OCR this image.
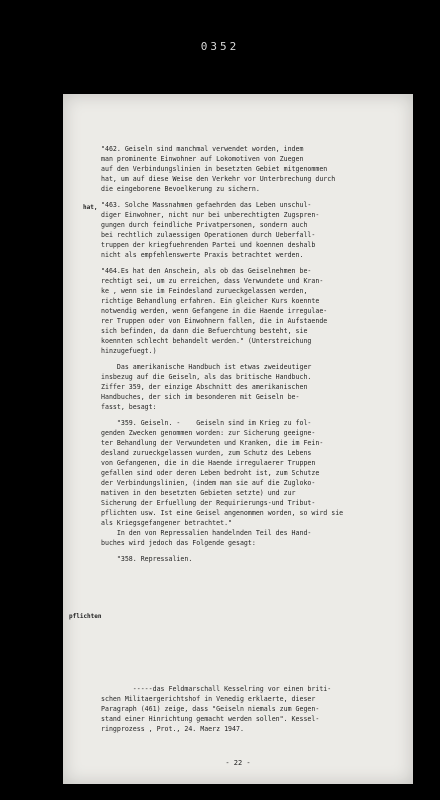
0352
"462. Geiseln sind manchmal verwendet worden, indem
man prominente Einwohner auf Lokomotiven von Zuegen
auf den Verbindungslinien in besetzten Gebiet mitgenommen
hat, um auf diese Weise den Verkehr vor Unterbrechung durch
die eingeborene Bevoelkerung zu sichern.
"463. Solche Massnahmen gefaehrden das Leben unschul-
diger Einwohner, nicht nur bei unberechtigten Zugspren-
gungen durch feindliche Privatpersonen, sondern auch
bei rechtlich zulaessigen Operationen durch Ueberfall-
truppen der kriegfuehrenden Partei und koennen deshalb
nicht als empfehlenswerte Praxis betrachtet werden.
"464.Es hat den Anschein, als ob das Geiselnehmen be-
rechtigt sei, um zu erreichen, dass Verwundete und Kran-
ke , wenn sie im Feindesland zurueckgelassen werden,
richtige Behandlung erfahren. Ein gleicher Kurs koennte
notwendig werden, wenn Gefangene in die Haende irregulae-
rer Truppen oder von Einwohnern fallen, die in Aufstaende
sich befinden, da dann die Befuerchtung besteht, sie
koennten schlecht behandelt werden." (Unterstreichung
hinzugefuegt.)
Das amerikanische Handbuch ist etwas zweideutiger
insbezug auf die Geiseln, als das britische Handbuch.
Ziffer 359, der einzige Abschnitt des amerikanischen
Handbuches, der sich im besonderen mit Geiseln be-
fasst, besagt:
"359. Geiseln. -    Geiseln sind im Krieg zu fol-
genden Zwecken genommen worden: zur Sicherung geeigne-
ter Behandlung der Verwundeten und Kranken, die im Fein-
desland zurueckgelassen wurden, zum Schutz des Lebens
von Gefangenen, die in die Haende irregulaerer Truppen
gefallen sind oder deren Leben bedroht ist, zum Schutze
der Verbindungslinien, (indem man sie auf die Zuglоko-
mativen in den besetzten Gebieten setzte) und zur
Sicherung der Erfuellung der Requirierungs-und Tribut-
pflichten usw. Ist eine Geisel angenommen worden, so wird sie
als Kriegsgefangener betrachtet."
In den von Repressalien handelnden Teil des Hand-
buches wird jedoch das Folgende gesagt:
"358. Repressalien.
hat,
pflichten
-----das Feldmarschall Kesselring vor einen briti-
schen Militaergerichtshof in Venedig erklaerte, dieser
Paragraph (461) zeige, dass "Geiseln niemals zum Gegen-
stand einer Hinrichtung gemacht werden sollen". Kessel-
ringprozess , Prot., 24. Maerz 1947.
- 22 -
